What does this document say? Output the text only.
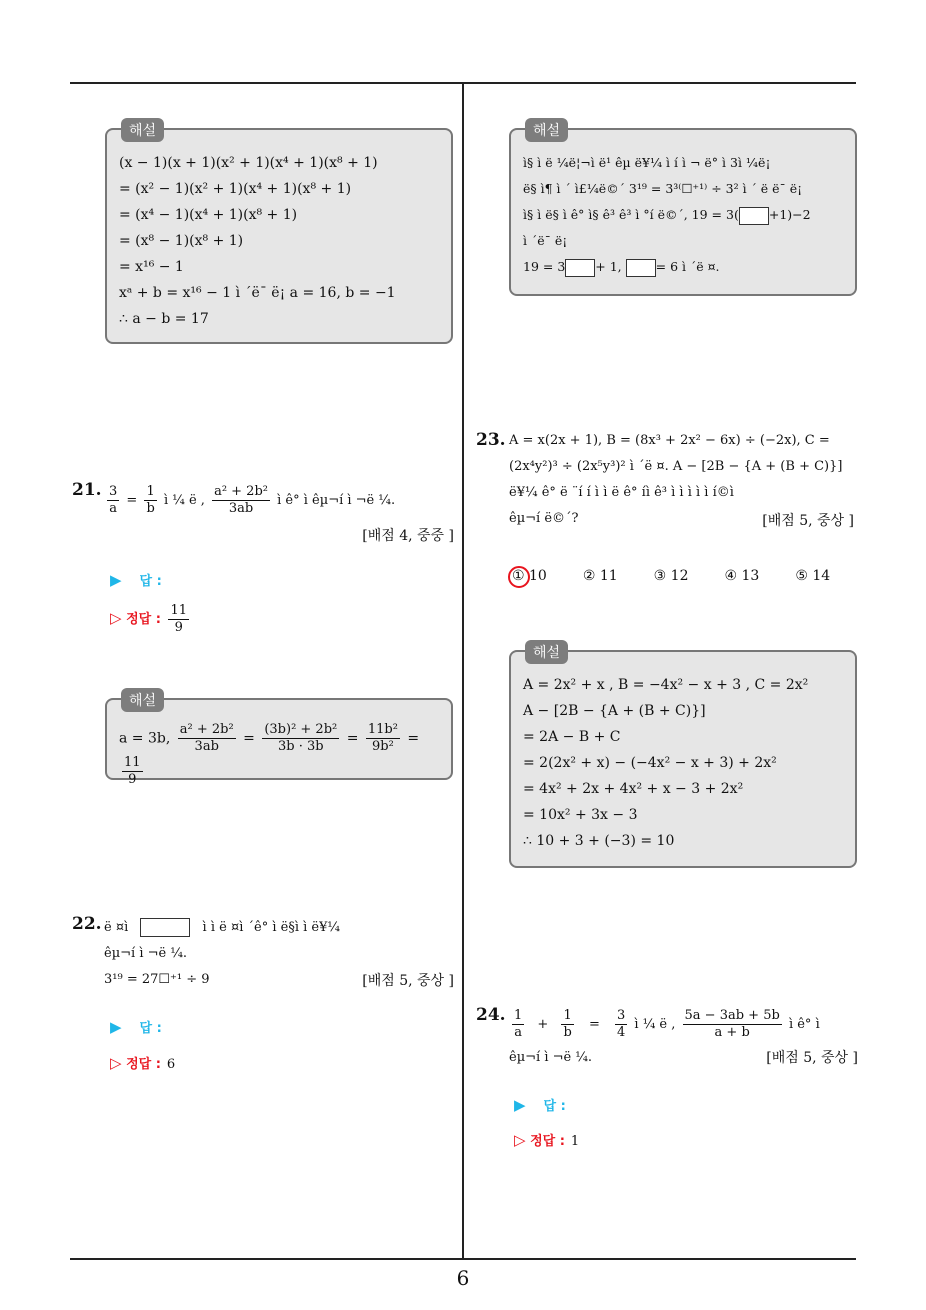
해설
(x − 1)(x + 1)(x² + 1)(x⁴ + 1)(x⁸ + 1)
= (x² − 1)(x² + 1)(x⁴ + 1)(x⁸ + 1)
= (x⁴ − 1)(x⁴ + 1)(x⁸ + 1)
= (x⁸ − 1)(x⁸ + 1)
= x¹⁶ − 1
xᵃ + b = x¹⁶ − 1 ì ´ë¯ ë¡ a = 16, b = −1
∴ a − b = 17
21. $\frac{3}{a} = \frac{1}{b}$ ì ¼ ë , $\frac{\text{a² + 2b²}}{3ab}$ ì ê° ì êµ¬í ì ¬ë ¼.
[배점 4, 중중 ]
▶ 답 :
▷ 정답 : $\frac{11}{9}$
해설
a = 3b, $\frac{\text{a² + 2b²}}{3ab} = \frac{\text{(3b)² + 2b²}}{3b \cdot 3b} = \frac{\text{11b²}}{\text{9b²}}$ =
$\frac{11}{9}$
22. ë ¤ì	ì ì ë ¤ì ´ê° ì ë§ì ì ë¥¼
êµ¬í ì ¬ë ¼.
3¹⁹ = 27☐⁺¹ ÷ 9	[배점 5, 중상 ]
▶ 답 :
▷ 정답 : 6
해설
ì§ ì ë ¼ë¦¬ì ë¹ êµ ë¥¼ ì í ì ¬ ë° ì 3ì ¼ë¡
ë§ ì¶ ì ´ ì£¼ë©´ 3¹⁹ = 3³⁽☐⁺¹⁾ ÷ 3² ì ´ ë ë¯ ë¡
ì§ ì ë§ ì ê° ì§ ê³ ê³ ì °í ë©´, 19 = 3( +1)−2
ì ´ë¯ ë¡
19 = 3 + 1,	= 6 ì ´ë ¤.
23. A = x(2x + 1), B = (8x³ + 2x² − 6x) ÷ (−2x), C =
(2x⁴y²)³ ÷ (2x⁵y³)² ì ´ë ¤. A − [2B − {A + (B + C)}]
ë¥¼ ê° ë ¨í í ì ì ë ê° íì ê³ ì ì ì ì ì í©ì
êµ¬í ë©´?	[배점 5, 중상 ]
① 10	② 11	③ 12	④ 13	⑤ 14
해설
A = 2x² + x , B = −4x² − x + 3 , C = 2x²
A − [2B − {A + (B + C)}]
= 2A − B + C
= 2(2x² + x) − (−4x² − x + 3) + 2x²
= 4x² + 2x + 4x² + x − 3 + 2x²
= 10x² + 3x − 3
∴ 10 + 3 + (−3) = 10
24. $\frac{1}{a} + \frac{1}{b} = \frac{3}{4}$ ì ¼ ë , $\frac{5a - 3ab + 5b}{a + b}$ ì ê° ì
êµ¬í ì ¬ë ¼.	[배점 5, 중상 ]
▶ 답 :
▷ 정답 : 1
6
